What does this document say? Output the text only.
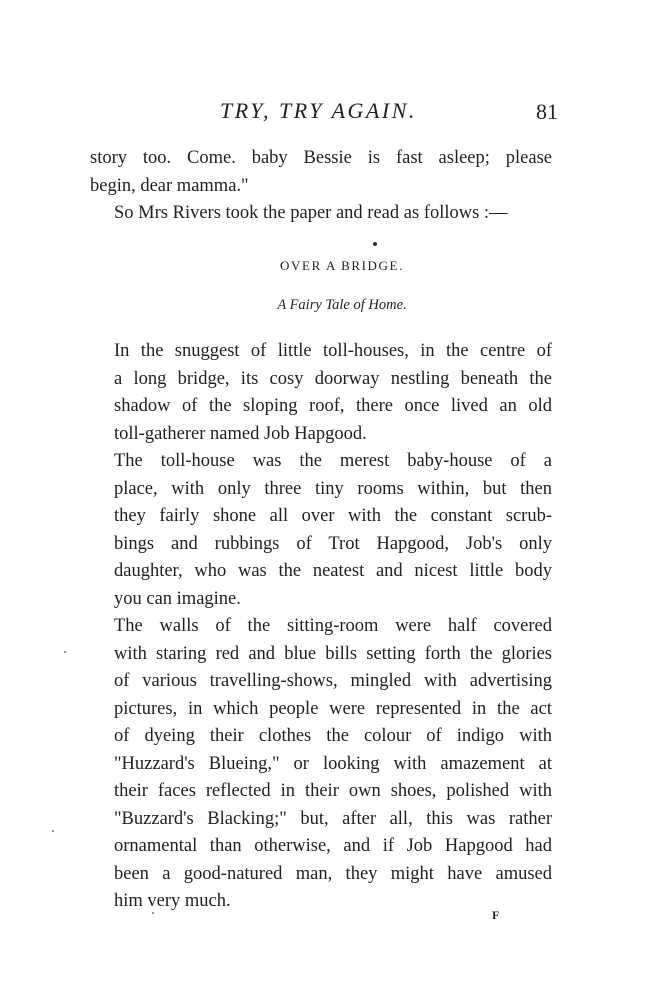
TRY, TRY AGAIN.	81
story too. Come. baby Bessie is fast asleep; please
begin, dear mamma."
So Mrs Rivers took the paper and read as follows :—
OVER A BRIDGE.
A Fairy Tale of Home.
In the snuggest of little toll-houses, in the centre of
a long bridge, its cosy doorway nestling beneath the
shadow of the sloping roof, there once lived an old
toll-gatherer named Job Hapgood.
The toll-house was the merest baby-house of a
place, with only three tiny rooms within, but then
they fairly shone all over with the constant scrub-
bings and rubbings of Trot Hapgood, Job's only
daughter, who was the neatest and nicest little body
you can imagine.
The walls of the sitting-room were half covered
with staring red and blue bills setting forth the glories
of various travelling-shows, mingled with advertising
pictures, in which people were represented in the act
of dyeing their clothes the colour of indigo with
"Huzzard's Blueing," or looking with amazement at
their faces reflected in their own shoes, polished with
"Buzzard's Blacking;" but, after all, this was rather
ornamental than otherwise, and if Job Hapgood had
been a good-natured man, they might have amused
him very much.
F
